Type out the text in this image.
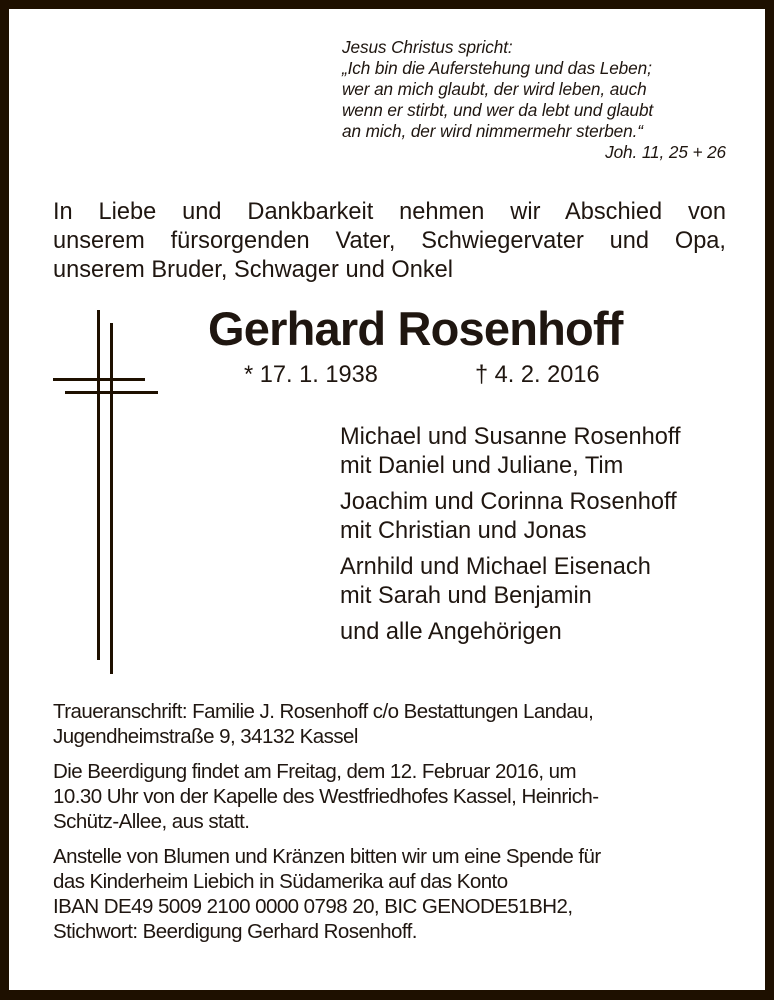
Jesus Christus spricht:
„Ich bin die Auferstehung und das Leben;
wer an mich glaubt, der wird leben, auch
wenn er stirbt, und wer da lebt und glaubt
an mich, der wird nimmermehr sterben.“
Joh. 11, 25 + 26
In Liebe und Dankbarkeit nehmen wir Abschied von
unserem fürsorgenden Vater, Schwiegervater und Opa,
unserem Bruder, Schwager und Onkel
Gerhard Rosenhoff
* 17. 1. 1938	† 4. 2. 2016
Michael und Susanne Rosenhoff
mit Daniel und Juliane, Tim
Joachim und Corinna Rosenhoff
mit Christian und Jonas
Arnhild und Michael Eisenach
mit Sarah und Benjamin
und alle Angehörigen

Traueranschrift: Familie J. Rosenhoff c/o Bestattungen Landau,
Jugendheimstraße 9, 34132 Kassel

Die Beerdigung findet am Freitag, dem 12. Februar 2016, um
10.30 Uhr von der Kapelle des Westfriedhofes Kassel, Heinrich-
Schütz-Allee, aus statt.

Anstelle von Blumen und Kränzen bitten wir um eine Spende für
das Kinderheim Liebich in Südamerika auf das Konto
IBAN DE49 5009 2100 0000 0798 20, BIC GENODE51BH2,
Stichwort: Beerdigung Gerhard Rosenhoff.
